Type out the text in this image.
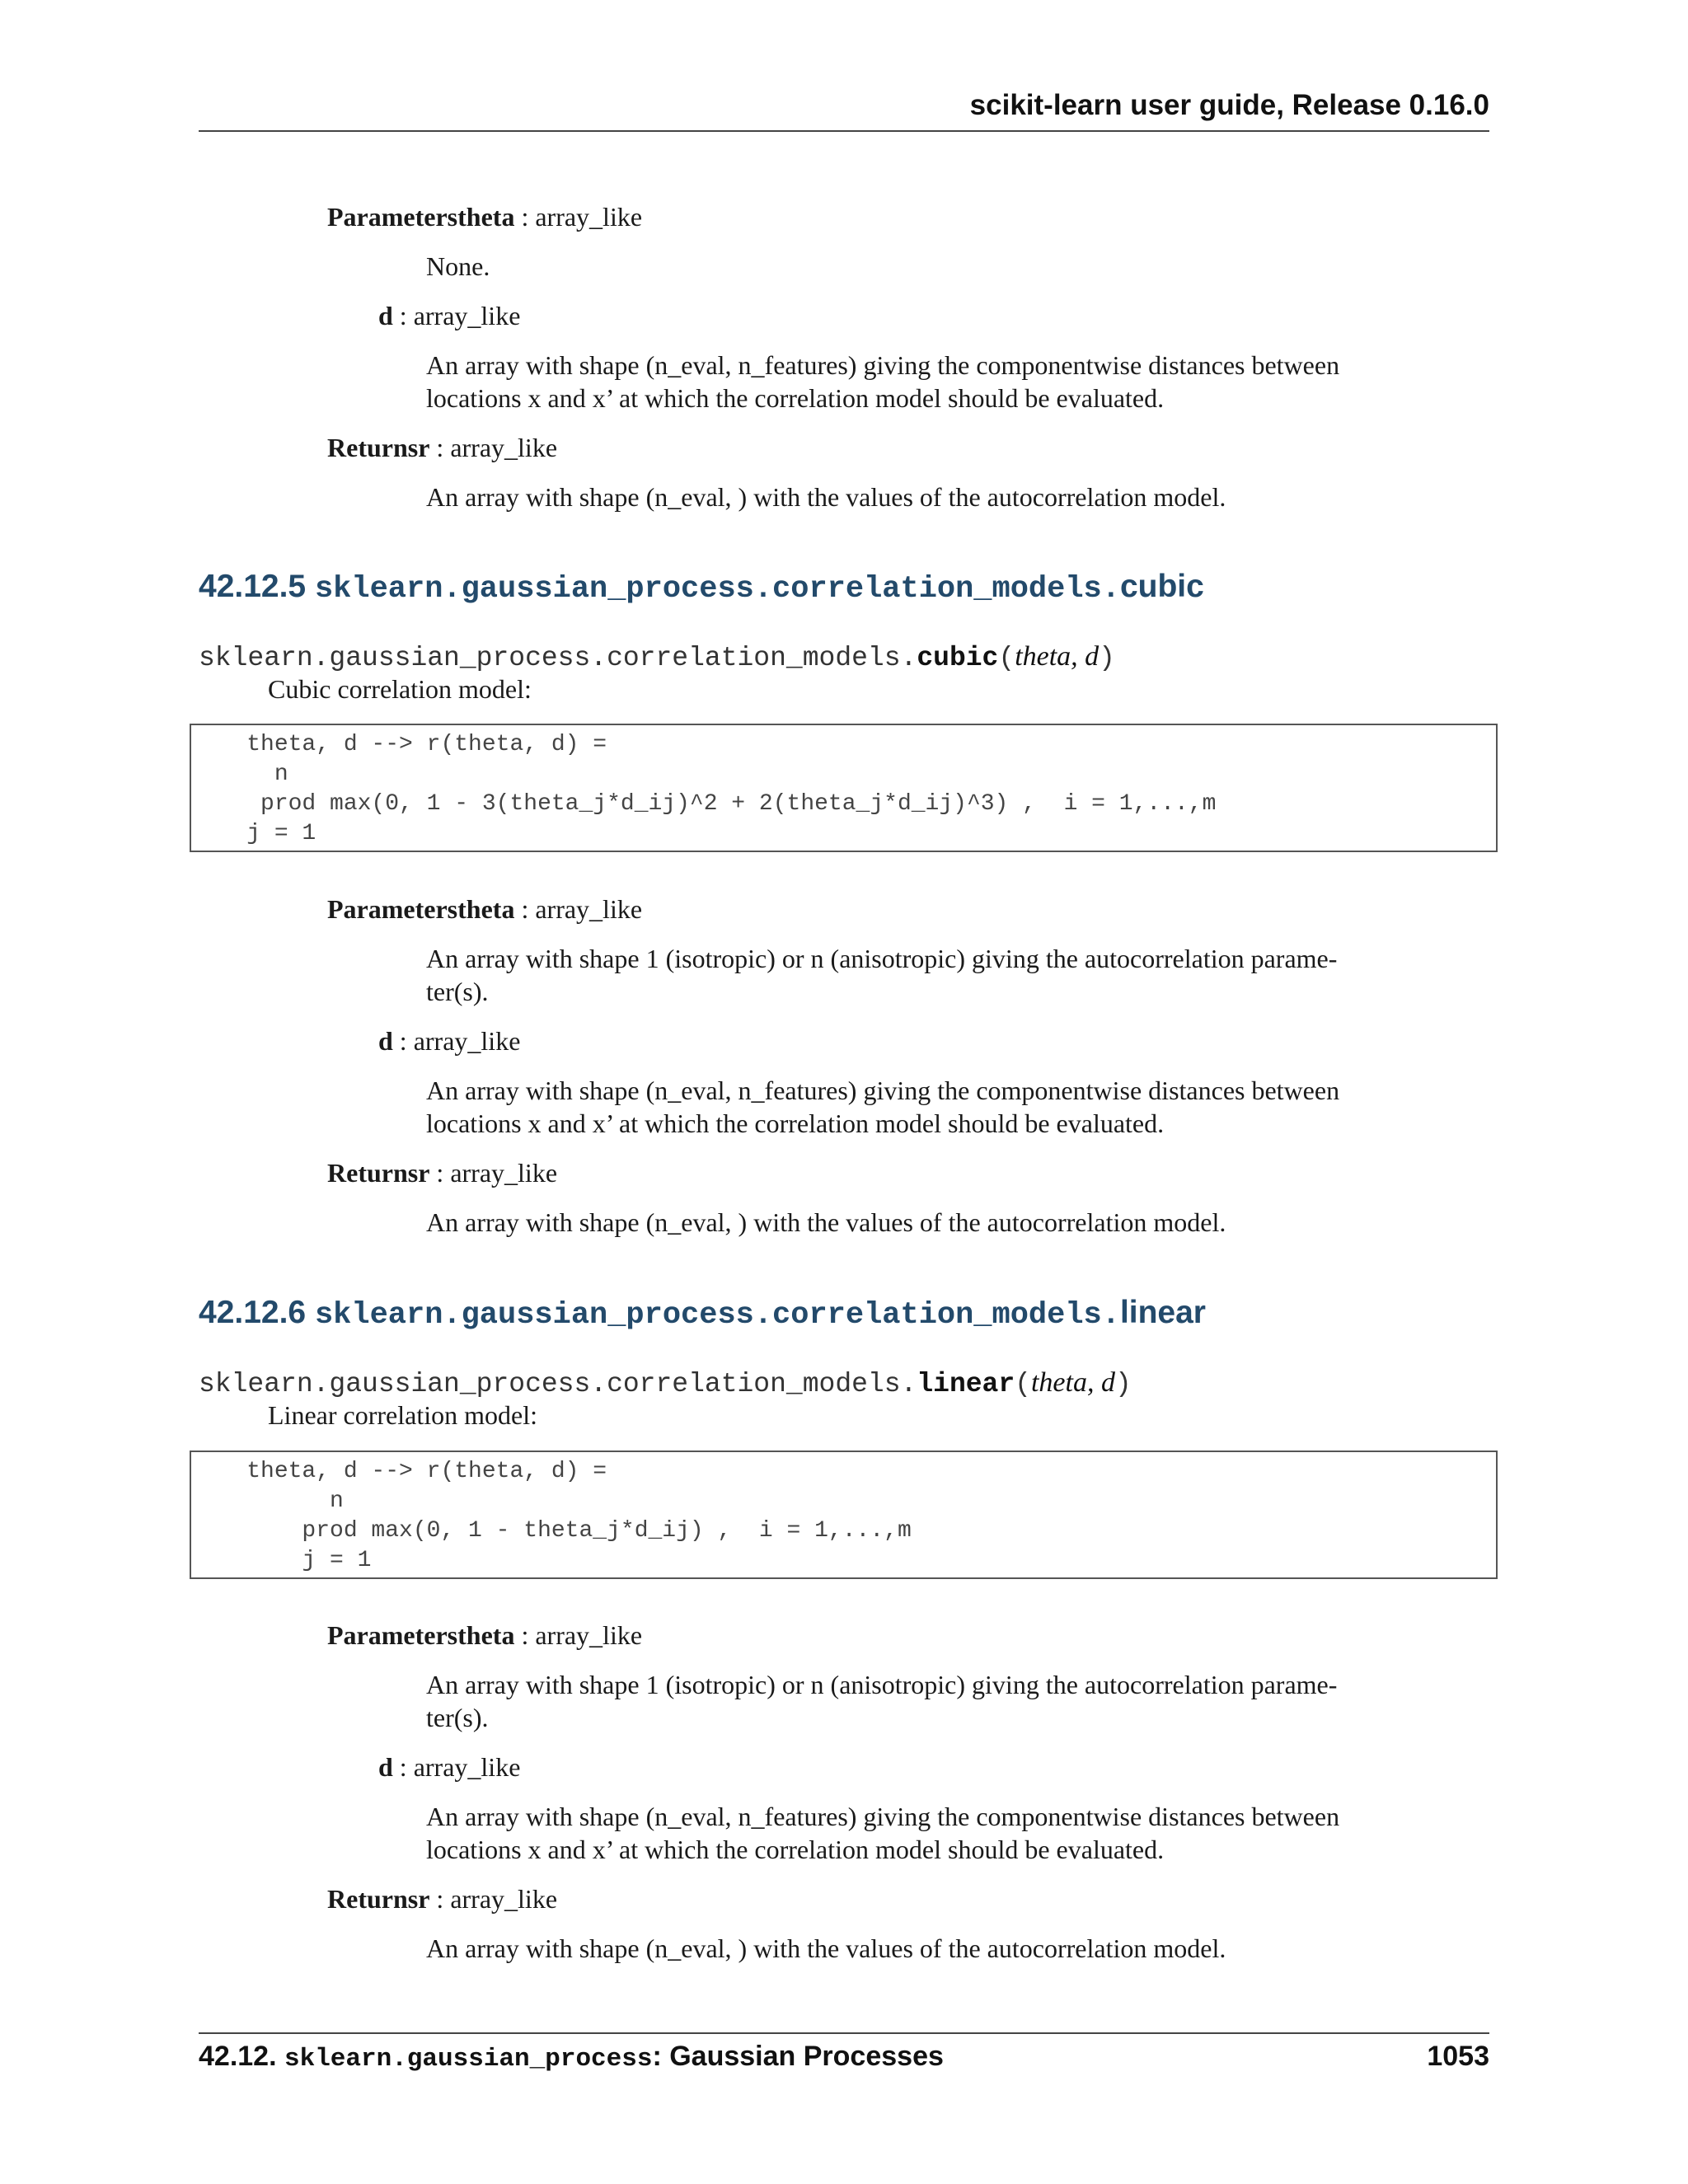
scikit-learn user guide, Release 0.16.0
Parameterstheta : array_like
None.
d : array_like
An array with shape (n_eval, n_features) giving the componentwise distances between
locations x and x’ at which the correlation model should be evaluated.
Returnsr : array_like
An array with shape (n_eval, ) with the values of the autocorrelation model.
42.12.5 sklearn.gaussian_process.correlation_models.cubic
sklearn.gaussian_process.correlation_models.cubic(theta, d)
Cubic correlation model:
theta, d --> r(theta, d) =
n
prod max(0, 1 - 3(theta_j*d_ij)^2 + 2(theta_j*d_ij)^3) ,  i = 1,...,m
j = 1
Parameterstheta : array_like
An array with shape 1 (isotropic) or n (anisotropic) giving the autocorrelation parame-
ter(s).
d : array_like
An array with shape (n_eval, n_features) giving the componentwise distances between
locations x and x’ at which the correlation model should be evaluated.
Returnsr : array_like
An array with shape (n_eval, ) with the values of the autocorrelation model.
42.12.6 sklearn.gaussian_process.correlation_models.linear
sklearn.gaussian_process.correlation_models.linear(theta, d)
Linear correlation model:
theta, d --> r(theta, d) =
n
prod max(0, 1 - theta_j*d_ij) ,  i = 1,...,m
j = 1
Parameterstheta : array_like
An array with shape 1 (isotropic) or n (anisotropic) giving the autocorrelation parame-
ter(s).
d : array_like
An array with shape (n_eval, n_features) giving the componentwise distances between
locations x and x’ at which the correlation model should be evaluated.
Returnsr : array_like
An array with shape (n_eval, ) with the values of the autocorrelation model.
42.12. sklearn.gaussian_process: Gaussian Processes	1053
